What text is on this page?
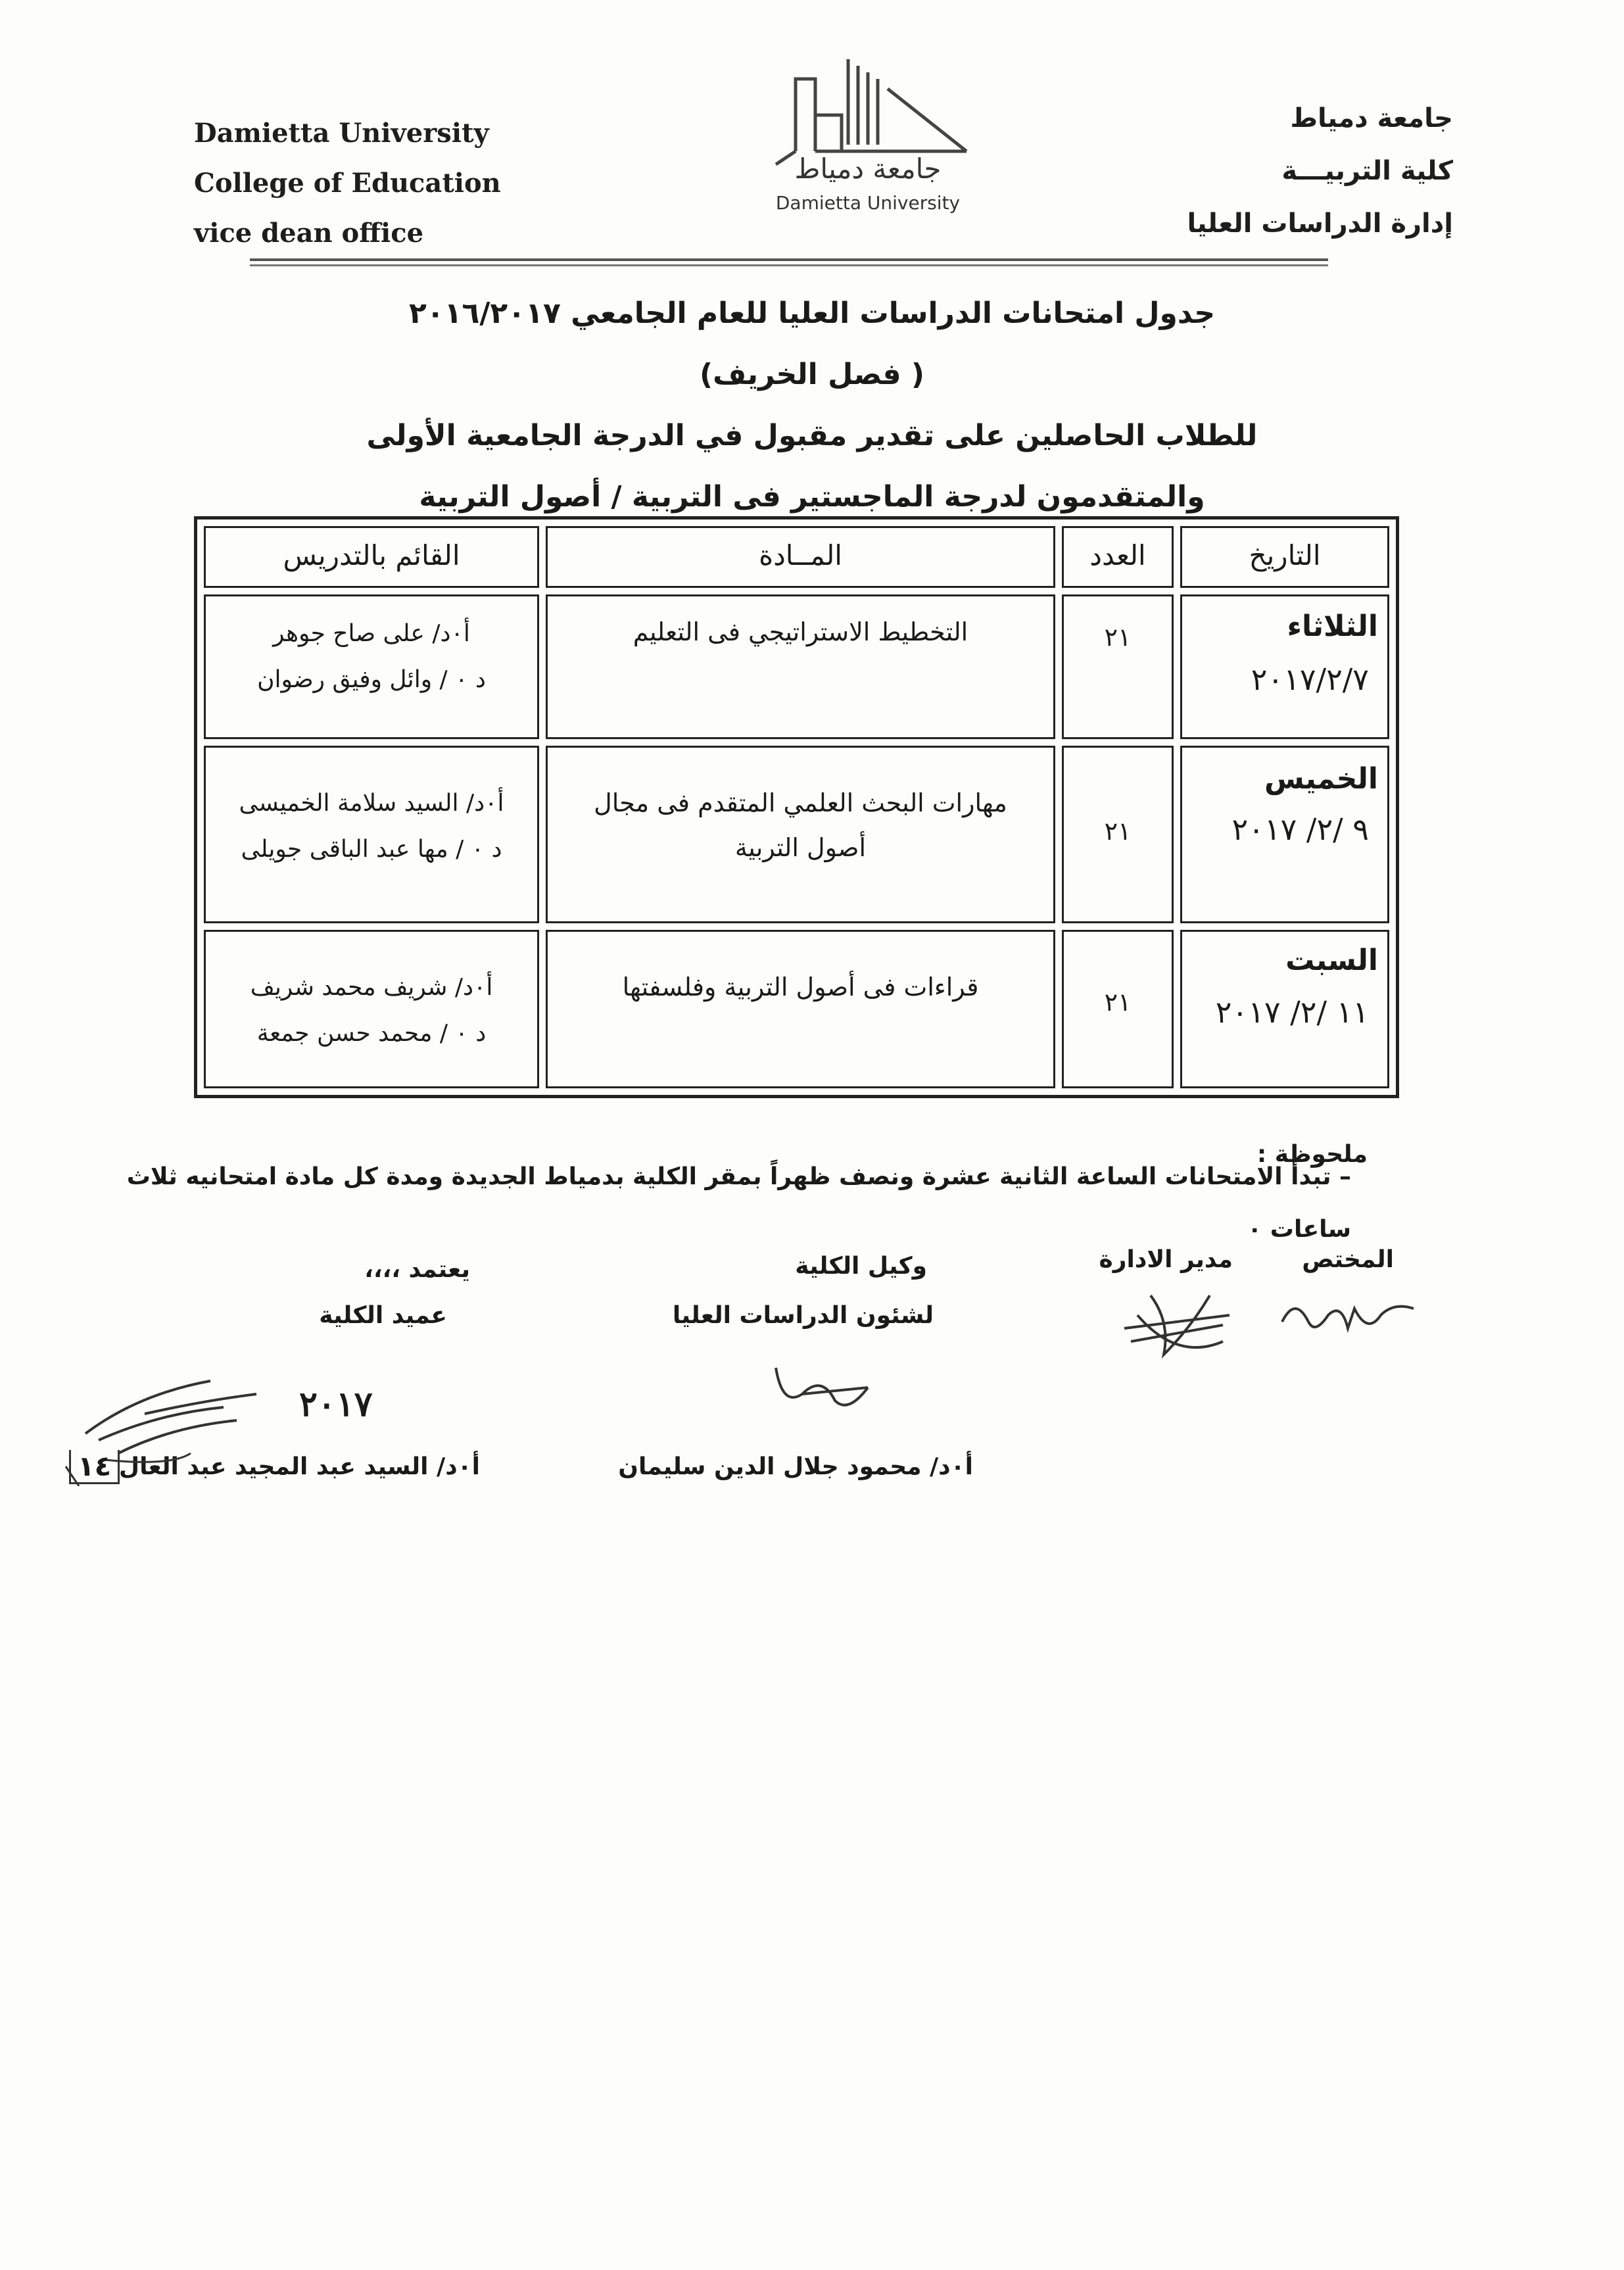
Damietta University
College of Education
vice dean office
جامعة دمياط
Damietta University
جامعة دمياط
كلية التربيـــة
إدارة الدراسات العليا
جدول امتحانات الدراسات العليا للعام الجامعي ٢٠١٦/٢٠١٧
( فصل الخريف)
للطلاب الحاصلين على تقدير مقبول في الدرجة الجامعية الأولى
والمتقدمون لدرجة الماجستير فى التربية / أصول التربية
التاريخ
العدد
المــادة
القائم بالتدريس
الثلاثاء
٢٠١٧/٢/٧
٢١
التخطيط الاستراتيجي فى التعليم
أ٠د/ على صاح جوهر
د ٠ / وائل وفيق رضوان
الخميس
٩ /٢/ ٢٠١٧
٢١
مهارات البحث العلمي المتقدم فى مجال أصول التربية
أ٠د/ السيد سلامة الخميسى
د ٠ / مها عبد الباقى جويلى
السبت
١١ /٢/ ٢٠١٧
٢١
قراءات فى أصول التربية وفلسفتها
أ٠د/ شريف محمد شريف
د ٠ / محمد حسن جمعة
ملحوظة :
– تبدأ الامتحانات الساعة الثانية عشرة ونصف ظهراً بمقر الكلية بدمياط الجديدة ومدة كل مادة امتحانيه ثلاث ساعات ٠
المختص
مدير الادارة
وكيل الكلية
لشئون الدراسات العليا
أ٠د/ محمود جلال الدين سليمان
يعتمد ،،،،
عميد الكلية
أ٠د/ السيد عبد المجيد عبد العال
٢٠١٧
١٤
